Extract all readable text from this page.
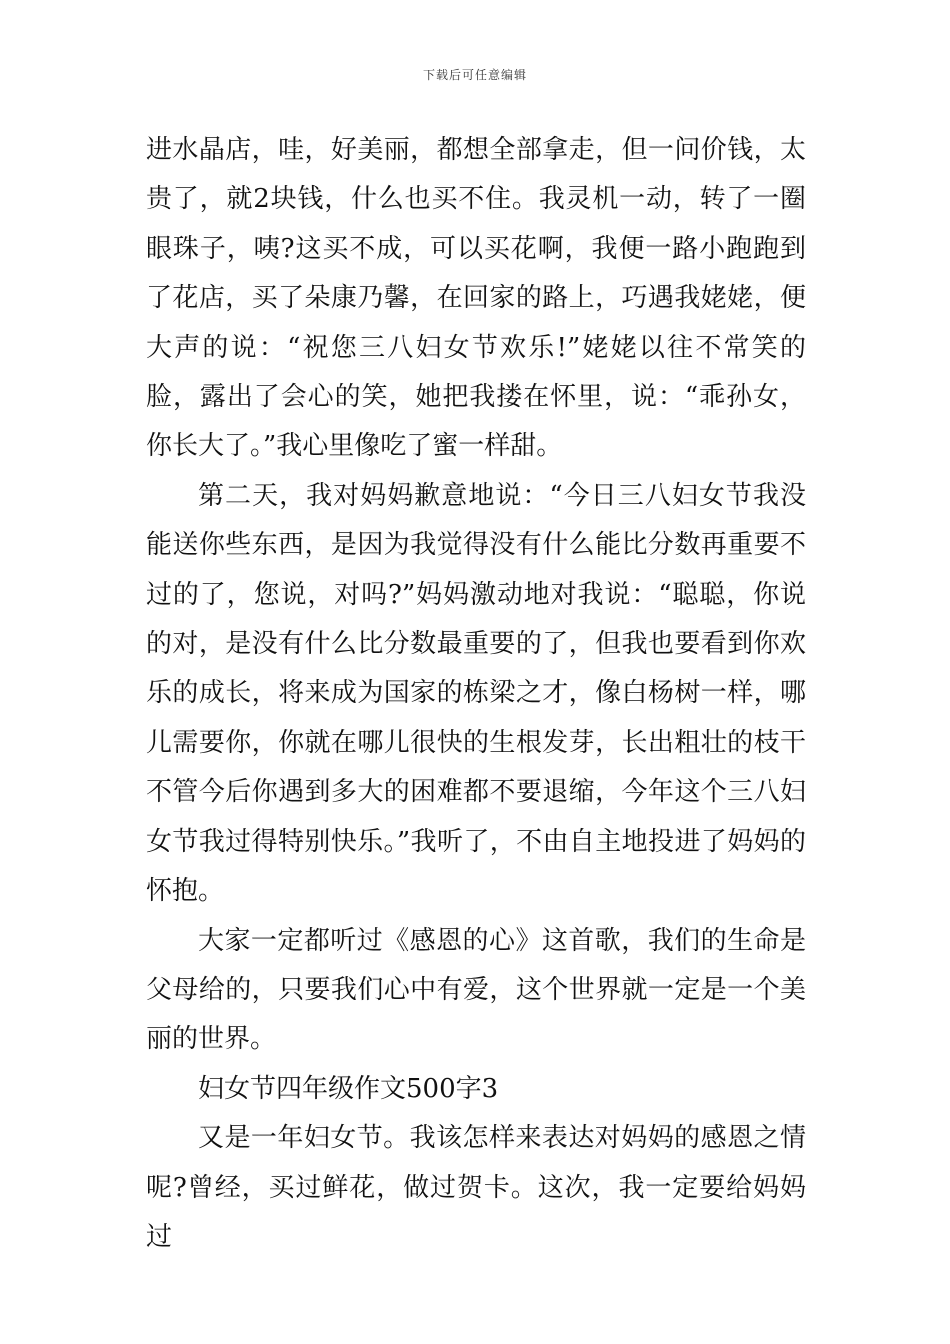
下载后可任意编辑

进水晶店，哇，好美丽，都想全部拿走，但一问价钱，太贵了，就2块钱，什么也买不住。我灵机一动，转了一圈眼珠子，咦?这买不成，可以买花啊，我便一路小跑跑到了花店，买了朵康乃馨，在回家的路上，巧遇我姥姥，便大声的说：“祝您三八妇女节欢乐!”姥姥以往不常笑的脸，露出了会心的笑，她把我搂在怀里，说：“乖孙女，你长大了。”我心里像吃了蜜一样甜。

第二天，我对妈妈歉意地说：“今日三八妇女节我没能送你些东西，是因为我觉得没有什么能比分数再重要不过的了，您说，对吗?”妈妈激动地对我说：“聪聪，你说的对，是没有什么比分数最重要的了，但我也要看到你欢乐的成长，将来成为国家的栋梁之才，像白杨树一样，哪儿需要你，你就在哪儿很快的生根发芽，长出粗壮的枝干不管今后你遇到多大的困难都不要退缩，今年这个三八妇女节我过得特别快乐。”我听了，不由自主地投进了妈妈的怀抱。

大家一定都听过《感恩的心》这首歌，我们的生命是父母给的，只要我们心中有爱，这个世界就一定是一个美丽的世界。

妇女节四年级作文500字3

又是一年妇女节。我该怎样来表达对妈妈的感恩之情呢?曾经，买过鲜花，做过贺卡。这次，我一定要给妈妈过
